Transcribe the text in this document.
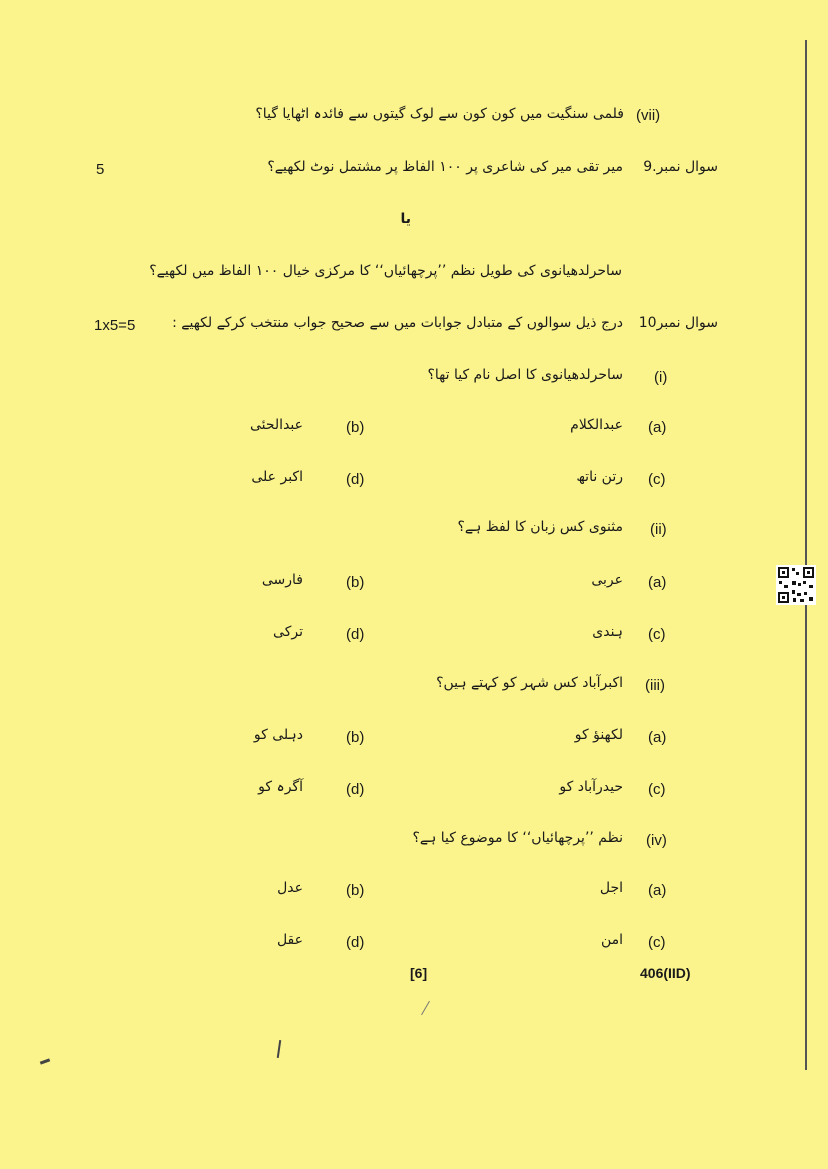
(vii)
فلمی سنگیت میں کون کون سے لوک گیتوں سے فائدہ اٹھایا گیا؟
سوال نمبر.9
میر تقی میر کی شاعری پر ۱۰۰ الفاظ پر مشتمل نوٹ لکھیے؟
5
یا
ساحرلدھیانوی کی طویل نظم ’’پرچھائیاں‘‘ کا مرکزی خیال ۱۰۰ الفاظ میں لکھیے؟
سوال نمبر10
درج ذیل سوالوں کے متبادل جوابات میں سے صحیح جواب منتخب کرکے لکھیے :
1x5=5
(i)
ساحرلدھیانوی کا اصل نام کیا تھا؟
(a)
عبدالکلام
(b)
عبدالحئی
(c)
رتن ناتھ
(d)
اکبر علی
(ii)
مثنوی کس زبان کا لفظ ہے؟
(a)
عربی
(b)
فارسی
(c)
ہندی
(d)
ترکی
(iii)
اکبرآباد کس شہر کو کہتے ہیں؟
(a)
لکھنؤ کو
(b)
دہلی کو
(c)
حیدرآباد کو
(d)
آگرہ کو
(iv)
نظم ’’پرچھائیاں‘‘ کا موضوع کیا ہے؟
(a)
اجل
(b)
عدل
(c)
امن
(d)
عقل
[6]	406(IID)
